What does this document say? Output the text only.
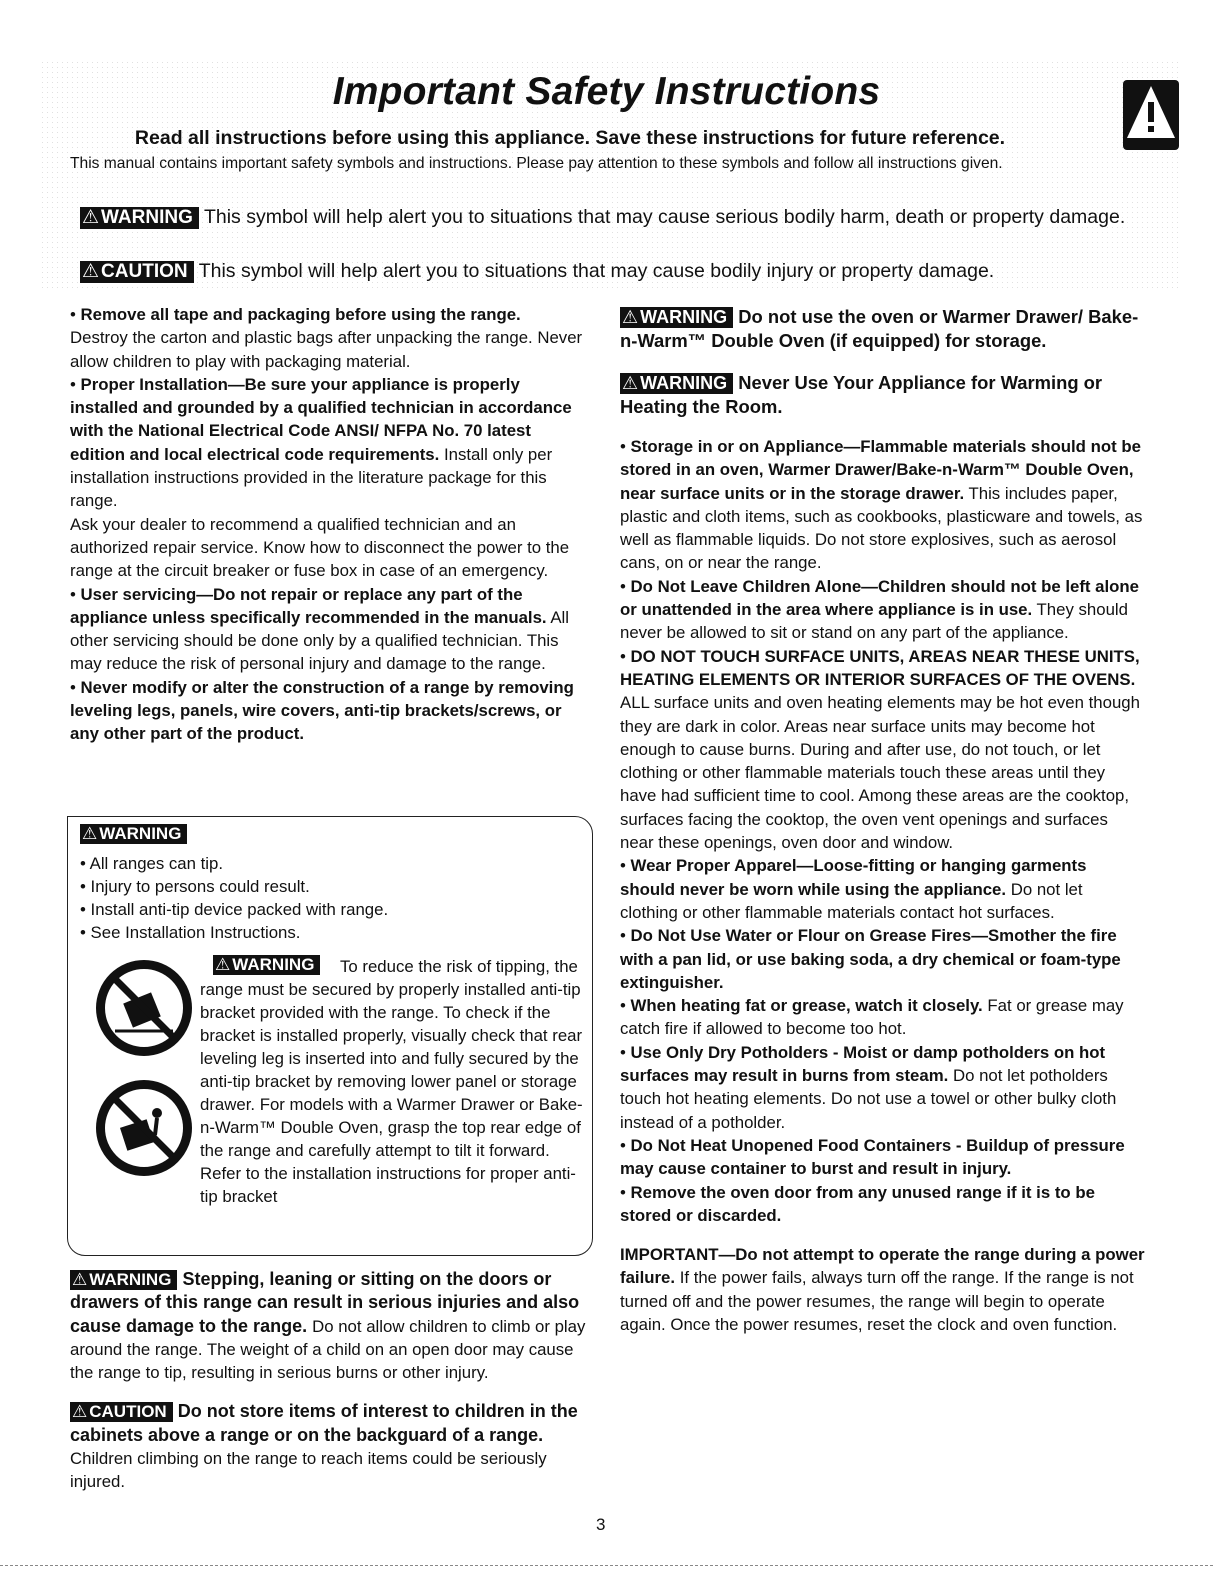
Important Safety Instructions
Read all instructions before using this appliance. Save these instructions for future reference.
This manual contains important safety symbols and instructions. Please pay attention to these symbols and follow all instructions given.
⚠ WARNING This symbol will help alert you to situations that may cause serious bodily harm, death or property damage.
⚠ CAUTION This symbol will help alert you to situations that may cause bodily injury or property damage.

• Remove all tape and packaging before using the range.
Destroy the carton and plastic bags after unpacking the range. Never allow children to play with packaging material.

• Proper Installation—Be sure your appliance is properly installed and grounded by a qualified technician in accordance with the National Electrical Code ANSI/ NFPA No. 70 latest edition and local electrical code requirements. Install only per installation instructions provided in the literature package for this range.

Ask your dealer to recommend a qualified technician and an authorized repair service. Know how to disconnect the power to the range at the circuit breaker or fuse box in case of an emergency.

• User servicing—Do not repair or replace any part of the appliance unless specifically recommended in the manuals. All other servicing should be done only by a qualified technician. This may reduce the risk of personal injury and damage to the range.

• Never modify or alter the construction of a range by removing leveling legs, panels, wire covers, anti-tip brackets/screws, or any other part of the product.

⚠ WARNING
• All ranges can tip.
• Injury to persons could result.
• Install anti-tip device packed with range.
• See Installation Instructions.
⚠ WARNING	To reduce the risk of tipping, the range must be secured by properly installed anti-tip bracket provided with the range. To check if the bracket is installed properly, visually check that rear leveling leg is inserted into and fully secured by the anti-tip bracket by removing lower panel or storage drawer. For models with a Warmer Drawer or Bake-n-Warm™ Double Oven, grasp the top rear edge of the range and carefully attempt to tilt it forward. Refer to the installation instructions for proper anti-tip bracket

⚠ WARNING Stepping, leaning or sitting on the doors or drawers of this range can result in serious injuries and also cause damage to the range. Do not allow children to climb or play around the range. The weight of a child on an open door may cause the range to tip, resulting in serious burns or other injury.

⚠ CAUTION Do not store items of interest to children in the cabinets above a range or on the backguard of a range. Children climbing on the range to reach items could be seriously injured.

⚠ WARNING Do not use the oven or Warmer Drawer/ Bake-n-Warm™ Double Oven (if equipped) for storage.

⚠ WARNING Never Use Your Appliance for Warming or Heating the Room.

• Storage in or on Appliance—Flammable materials should not be stored in an oven, Warmer Drawer/Bake-n-Warm™ Double Oven, near surface units or in the storage drawer. This includes paper, plastic and cloth items, such as cookbooks, plasticware and towels, as well as flammable liquids. Do not store explosives, such as aerosol cans, on or near the range.

• Do Not Leave Children Alone—Children should not be left alone or unattended in the area where appliance is in use. They should never be allowed to sit or stand on any part of the appliance.

• DO NOT TOUCH SURFACE UNITS, AREAS NEAR THESE UNITS, HEATING ELEMENTS OR INTERIOR SURFACES OF THE OVENS. ALL surface units and oven heating elements may be hot even though they are dark in color. Areas near surface units may become hot enough to cause burns. During and after use, do not touch, or let clothing or other flammable materials touch these areas until they have had sufficient time to cool. Among these areas are the cooktop, surfaces facing the cooktop, the oven vent openings and surfaces near these openings, oven door and window.

• Wear Proper Apparel—Loose-fitting or hanging garments should never be worn while using the appliance. Do not let clothing or other flammable materials contact hot surfaces.

• Do Not Use Water or Flour on Grease Fires—Smother the fire with a pan lid, or use baking soda, a dry chemical or foam-type extinguisher.

• When heating fat or grease, watch it closely. Fat or grease may catch fire if allowed to become too hot.

• Use Only Dry Potholders - Moist or damp potholders on hot surfaces may result in burns from steam. Do not let potholders touch hot heating elements. Do not use a towel or other bulky cloth instead of a potholder.

• Do Not Heat Unopened Food Containers - Buildup of pressure may cause container to burst and result in injury.

• Remove the oven door from any unused range if it is to be stored or discarded.

IMPORTANT—Do not attempt to operate the range during a power failure. If the power fails, always turn off the range. If the range is not turned off and the power resumes, the range will begin to operate again. Once the power resumes, reset the clock and oven function.

3
